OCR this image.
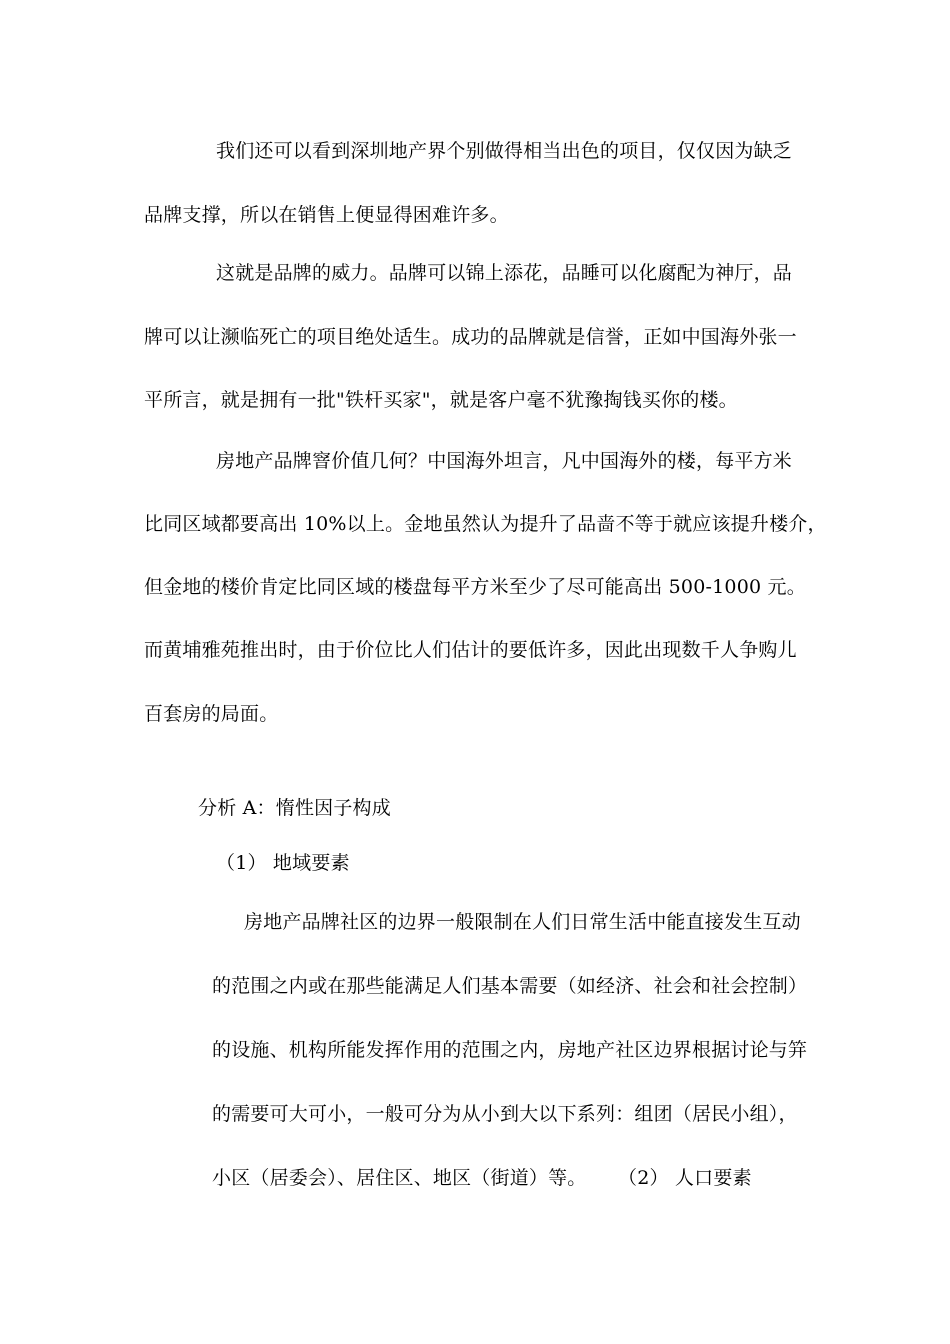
我们还可以看到深圳地产界个别做得相当出色的项目，仅仅因为缺乏
品牌支撑，所以在销售上便显得困难许多。
这就是品牌的威力。品牌可以锦上添花，品睡可以化腐配为神厅，品
牌可以让濒临死亡的项目绝处适生。成功的品牌就是信誉，正如中国海外张一
平所言，就是拥有一批"铁杆买家"，就是客户毫不犹豫掏钱买你的楼。
房地产品牌窨价值几何？中国海外坦言，凡中国海外的楼，每平方米
比同区域都要高出 10%以上。金地虽然认为提升了品啬不等于就应该提升楼介，
但金地的楼价肯定比同区域的楼盘每平方米至少了尽可能高出 500-1000 元。
而黄埔雅苑推出时，由于价位比人们估计的要低许多，因此出现数千人争购儿
百套房的局面。
分析 A：惰性因子构成
（1） 地域要素
房地产品牌社区的边界一般限制在人们日常生活中能直接发生互动
的范围之内或在那些能满足人们基本需要（如经济、社会和社会控制）
的设施、机构所能发挥作用的范围之内，房地产社区边界根据讨论与笄
的需要可大可小，一般可分为从小到大以下系列：组团（居民小组），
小区（居委会）、居住区、地区（街道）等。 （2） 人口要素
